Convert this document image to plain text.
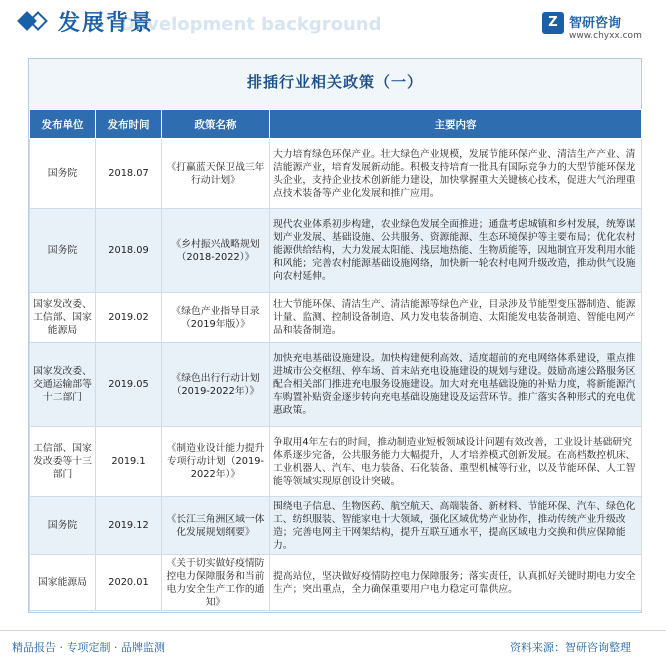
Development background
发展背景	Z 智研咨询
www.chyxx.com
排插行业相关政策（一）
发布单位	发布时间	政策名称	主要内容
国务院	2018.07	《打赢蓝天保卫战三年行动计划》	大力培育绿色环保产业。壮大绿色产业规模，发展节能环保产业、清洁生产产业、清洁能源产业，培育发展新动能。积极支持培育一批具有国际竞争力的大型节能环保龙头企业，支持企业技术创新能力建设，加快掌握重大关键核心技术，促进大气治理重点技术装备等产业化发展和推广应用。
国务院	2018.09	《乡村振兴战略规划（2018-2022）》	现代农业体系初步构建，农业绿色发展全面推进；通盘考虑城镇和乡村发展，统筹谋划产业发展、基础设施、公共服务、资源能源、生态环境保护等主要布局；优化农村能源供给结构，大力发展太阳能、浅层地热能、生物质能等，因地制宜开发利用水能和风能；完善农村能源基础设施网络，加快新一轮农村电网升级改造，推动供气设施向农村延伸。
国家发改委、工信部、国家能源局	2019.02	《绿色产业指导目录（2019年版）》	壮大节能环保、清洁生产、清洁能源等绿色产业，目录涉及节能型变压器制造、能源计量、监测、控制设备制造、风力发电装备制造、太阳能发电装备制造、智能电网产品和装备制造。
国家发改委、交通运输部等十二部门	2019.05	《绿色出行行动计划（2019-2022年）》	加快充电基础设施建设。加快构建便利高效、适度超前的充电网络体系建设，重点推进城市公交枢纽、停车场、首末站充电设施建设的规划与建设。鼓励高速公路服务区配合相关部门推进充电服务设施建设。加大对充电基础设施的补贴力度，将新能源汽车购置补贴资金逐步转向充电基础设施建设及运营环节。推广落实各种形式的充电优惠政策。
工信部、国家发改委等十三部门	2019.1	《制造业设计能力提升专项行动计划（2019-2022年）》	争取用4年左右的时间，推动制造业短板领域设计问题有效改善，工业设计基础研究体系逐步完备，公共服务能力大幅提升，人才培养模式创新发展。在高档数控机床、工业机器人、汽车、电力装备、石化装备、重型机械等行业，以及节能环保、人工智能等领域实现原创设计突破。
国务院	2019.12	《长江三角洲区域一体化发展规划纲要》	围绕电子信息、生物医药、航空航天、高端装备、新材料、节能环保、汽车、绿色化工、纺织服装、智能家电十大领域，强化区域优势产业协作，推动传统产业升级改造；完善电网主干网架结构，提升互联互通水平，提高区域电力交换和供应保障能力。
国家能源局	2020.01	《关于切实做好疫情防控电力保障服务和当前电力安全生产工作的通知》	提高站位，坚决做好疫情防控电力保障服务；落实责任，认真抓好关键时期电力安全生产；突出重点，全力确保重要用户电力稳定可靠供应。
精品报告 · 专项定制 · 品牌监测	资料来源：智研咨询整理
